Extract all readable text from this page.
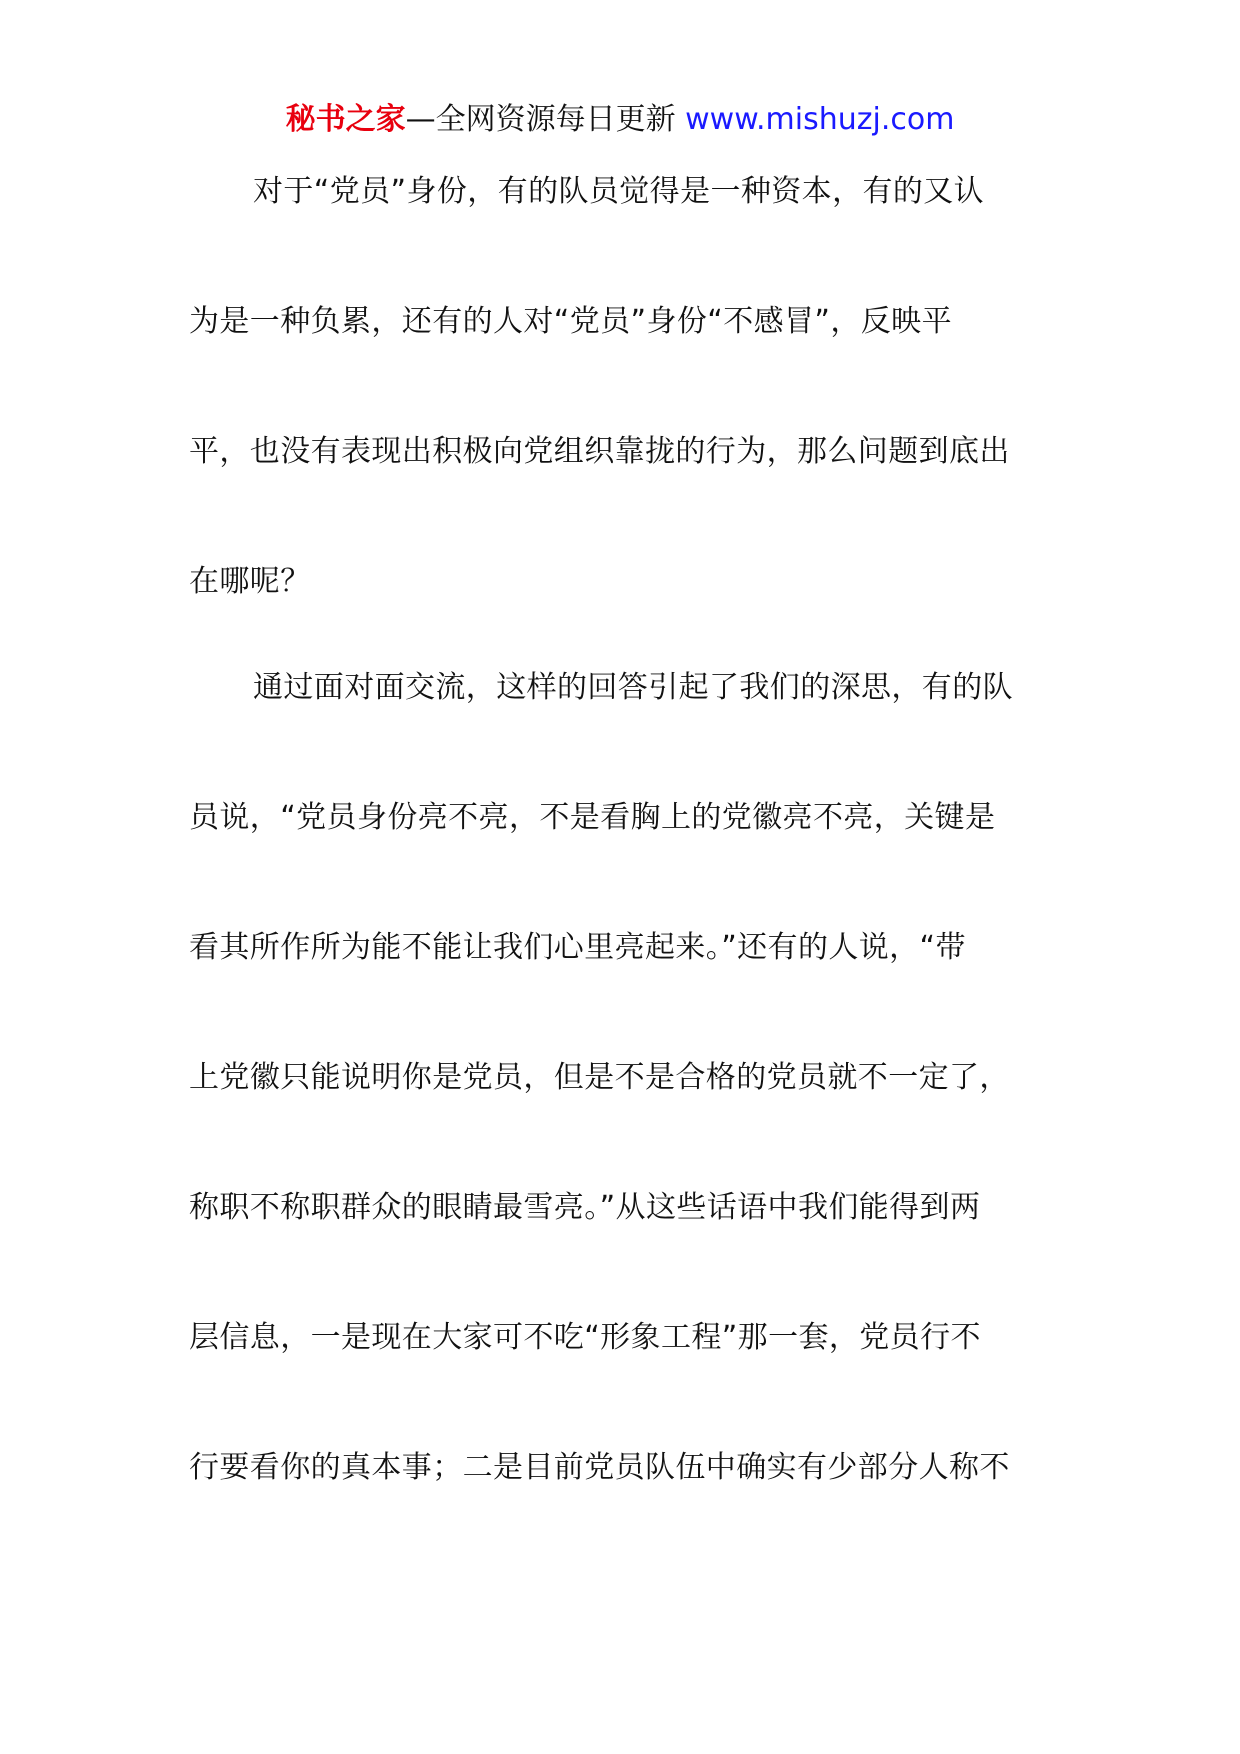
秘书之家—全网资源每日更新 www.mishuzj.com
对于“党员”身份，有的队员觉得是一种资本，有的又认
为是一种负累，还有的人对“党员”身份“不感冒”，反映平
平，也没有表现出积极向党组织靠拢的行为，那么问题到底出
在哪呢？
通过面对面交流，这样的回答引起了我们的深思，有的队
员说，“党员身份亮不亮，不是看胸上的党徽亮不亮，关键是
看其所作所为能不能让我们心里亮起来。”还有的人说，“带
上党徽只能说明你是党员，但是不是合格的党员就不一定了，
称职不称职群众的眼睛最雪亮。”从这些话语中我们能得到两
层信息，一是现在大家可不吃“形象工程”那一套，党员行不
行要看你的真本事；二是目前党员队伍中确实有少部分人称不
